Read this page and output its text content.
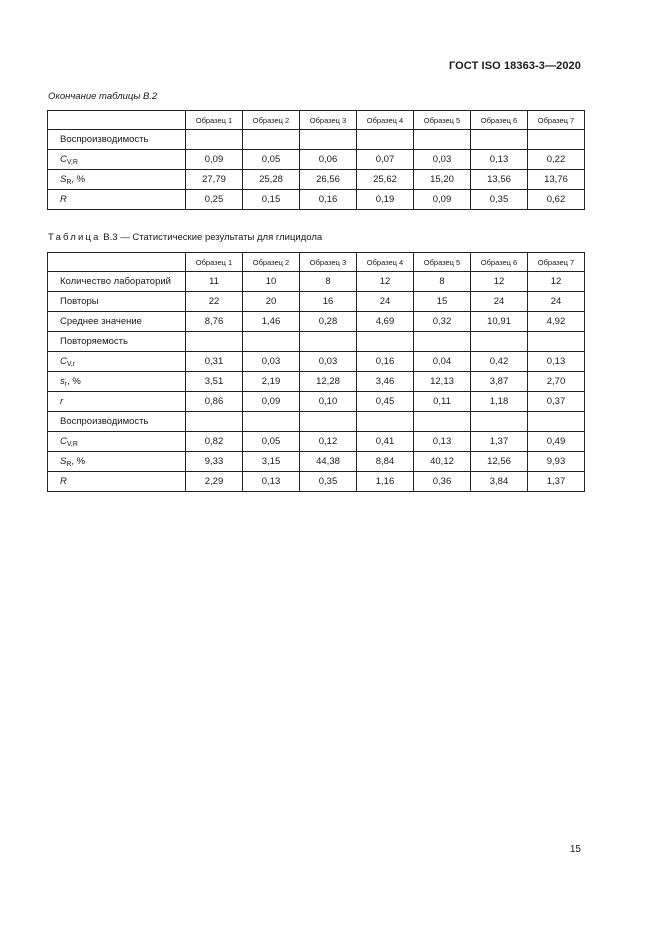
ГОСТ ISO 18363-3—2020
Окончание таблицы В.2
	Образец 1	Образец 2	Образец 3	Образец 4	Образец 5	Образец 6	Образец 7
Воспроизводимость							
$C_{V,R}$	0,09	0,05	0,06	0,07	0,03	0,13	0,22
$S_R$, %	27,79	25,28	26,56	25,62	15,20	13,56	13,76
R	0,25	0,15	0,16	0,19	0,09	0,35	0,62
Таблица В.3 — Статистические результаты для глицидола
	Образец 1	Образец 2	Образец 3	Образец 4	Образец 5	Образец 6	Образец 7
Количество лабораторий	11	10	8	12	8	12	12
Повторы	22	20	16	24	15	24	24
Среднее значение	8,76	1,46	0,28	4,69	0,32	10,91	4,92
Повторяемость							
$C_{V,r}$	0,31	0,03	0,03	0,16	0,04	0,42	0,13
$s_r$, %	3,51	2,19	12,28	3,46	12,13	3,87	2,70
r	0,86	0,09	0,10	0,45	0,11	1,18	0,37
Воспроизводимость							
$C_{V,R}$	0,82	0,05	0,12	0,41	0,13	1,37	0,49
$S_R$, %	9,33	3,15	44,38	8,84	40,12	12,56	9,93
R	2,29	0,13	0,35	1,16	0,36	3,84	1,37
15
